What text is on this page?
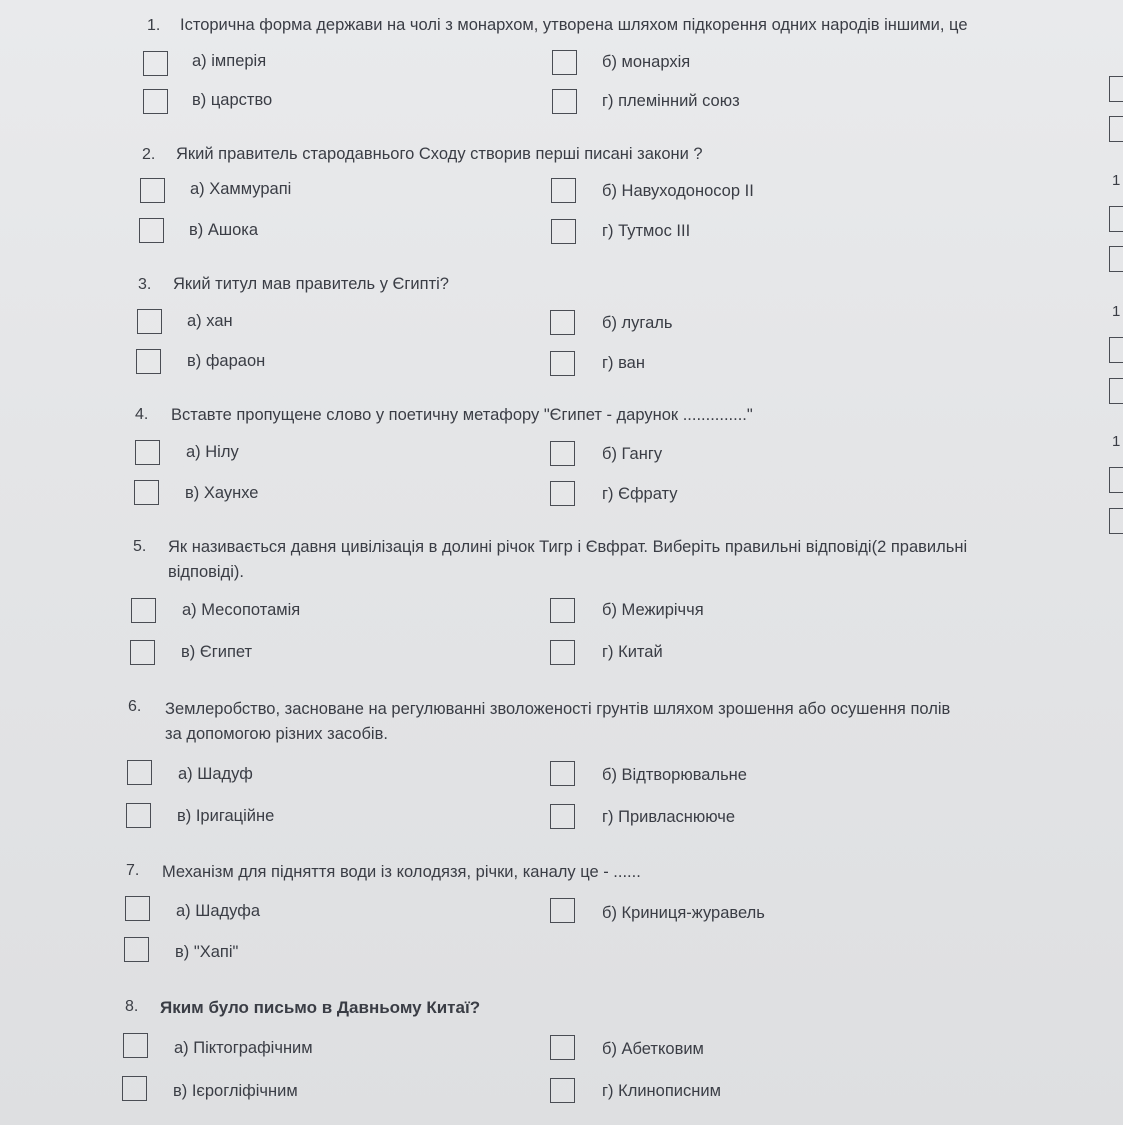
1. Історична форма держави на чолі з монархом, утворена шляхом підкорення одних народів іншими, це
а) імперія	б) монархія
в) царство	г) племінний союз
2. Який правитель стародавнього Сходу створив перші писані закони ?
а) Хаммурапі	б) Навуходоносор II
в) Ашока	г) Тутмос III
3. Який титул мав правитель у Єгипті?
а) хан	б) лугаль
в) фараон	г) ван
4. Вставте пропущене слово у поетичну метафору "Єгипет - дарунок .............."
а) Нілу	б) Гангу
в) Хаунхе	г) Єфрату
5. Як називається давня цивілізація в долині річок Тигр і Євфрат. Виберіть правильні відповіді(2 правильні
відповіді).
а) Месопотамія	б) Межиріччя
в) Єгипет	г) Китай
6. Землеробство, засноване на регулюванні зволоженості грунтів шляхом зрошення або осушення полів
за допомогою різних засобів.
а) Шадуф	б) Відтворювальне
в) Іригаційне	г) Привласнююче
7. Механізм для підняття води із колодязя, річки, каналу це - ......
а) Шадуфа	б) Криниця-журавель
в) "Хапі"
8. Яким було письмо в Давньому Китаї?
а) Піктографічним	б) Абетковим
в) Ієрогліфічним	г) Клинописним
1
1
1
